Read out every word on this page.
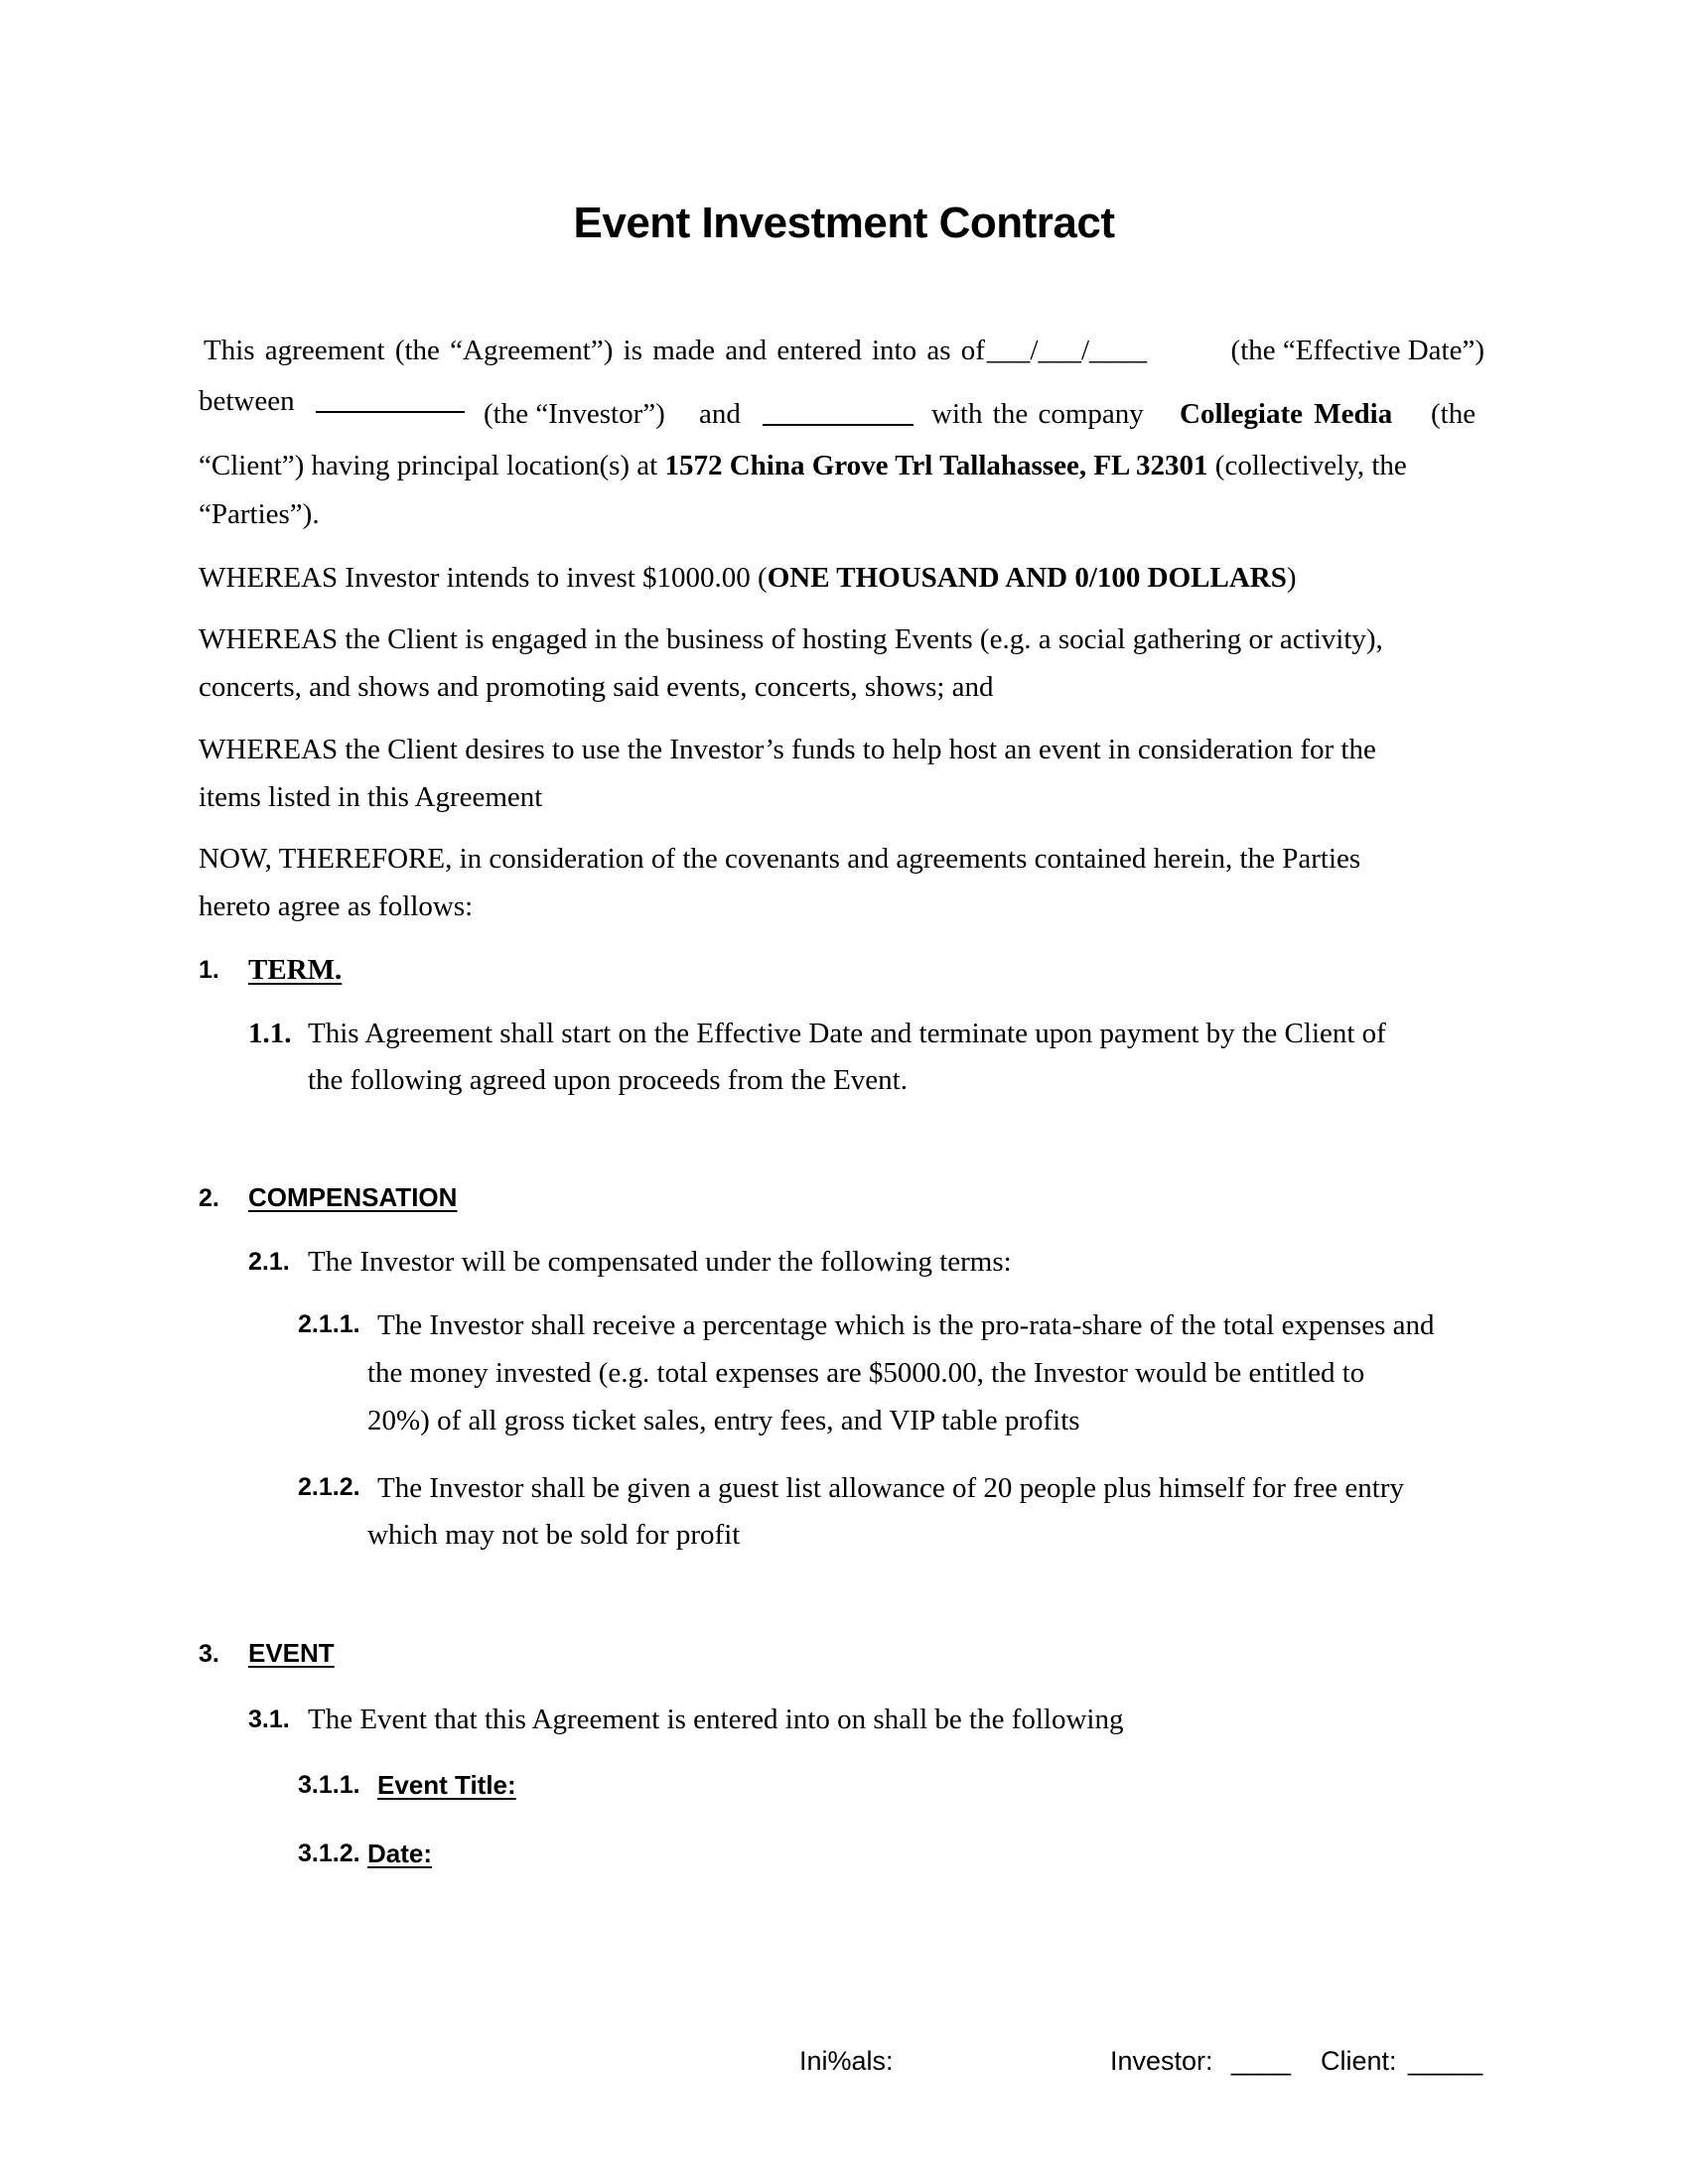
Event Investment Contract
This agreement (the “Agreement”) is made and entered into as of ___/___/____	(the “Effective Date”)
between	(the “Investor”) and	with the company Collegiate Media (the
“Client”) having principal location(s) at 1572 China Grove Trl Tallahassee, FL 32301 (collectively, the
“Parties”).
WHEREAS Investor intends to invest $1000.00 (ONE THOUSAND AND 0/100 DOLLARS)
WHEREAS the Client is engaged in the business of hosting Events (e.g. a social gathering or activity),
concerts, and shows and promoting said events, concerts, shows; and
WHEREAS the Client desires to use the Investor’s funds to help host an event in consideration for the
items listed in this Agreement
NOW, THEREFORE, in consideration of the covenants and agreements contained herein, the Parties
hereto agree as follows:
1. TERM.
1.1. This Agreement shall start on the Effective Date and terminate upon payment by the Client of
the following agreed upon proceeds from the Event.
2. COMPENSATION
2.1. The Investor will be compensated under the following terms:
2.1.1. The Investor shall receive a percentage which is the pro-rata-share of the total expenses and
the money invested (e.g. total expenses are $5000.00, the Investor would be entitled to
20%) of all gross ticket sales, entry fees, and VIP table profits
2.1.2. The Investor shall be given a guest list allowance of 20 people plus himself for free entry
which may not be sold for profit
3. EVENT
3.1. The Event that this Agreement is entered into on shall be the following
3.1.1. Event Title:
3.1.2. Date:
Ini%als:	Investor: ____ Client: _____
